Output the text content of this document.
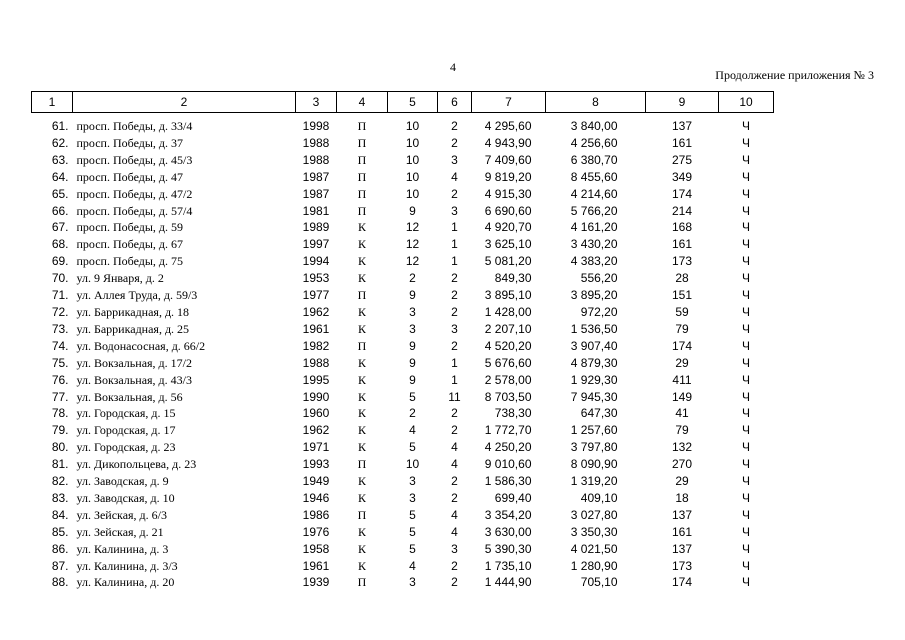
4
Продолжение приложения № 3
1	2	3	4	5	6	7	8	9	10

61.	просп. Победы, д. 33/4	1998	П	10	2	4 295,60	3 840,00	137	Ч
62.	просп. Победы, д. 37	1988	П	10	2	4 943,90	4 256,60	161	Ч
63.	просп. Победы, д. 45/3	1988	П	10	3	7 409,60	6 380,70	275	Ч
64.	просп. Победы, д. 47	1987	П	10	4	9 819,20	8 455,60	349	Ч
65.	просп. Победы, д. 47/2	1987	П	10	2	4 915,30	4 214,60	174	Ч
66.	просп. Победы, д. 57/4	1981	П	9	3	6 690,60	5 766,20	214	Ч
67.	просп. Победы, д. 59	1989	К	12	1	4 920,70	4 161,20	168	Ч
68.	просп. Победы, д. 67	1997	К	12	1	3 625,10	3 430,20	161	Ч
69.	просп. Победы, д. 75	1994	К	12	1	5 081,20	4 383,20	173	Ч
70.	ул. 9 Января, д. 2	1953	К	2	2	849,30	556,20	28	Ч
71.	ул. Аллея Труда, д. 59/3	1977	П	9	2	3 895,10	3 895,20	151	Ч
72.	ул. Баррикадная, д. 18	1962	К	3	2	1 428,00	972,20	59	Ч
73.	ул. Баррикадная, д. 25	1961	К	3	3	2 207,10	1 536,50	79	Ч
74.	ул. Водонасосная, д. 66/2	1982	П	9	2	4 520,20	3 907,40	174	Ч
75.	ул. Вокзальная, д. 17/2	1988	К	9	1	5 676,60	4 879,30	29	Ч
76.	ул. Вокзальная, д. 43/3	1995	К	9	1	2 578,00	1 929,30	411	Ч
77.	ул. Вокзальная, д. 56	1990	К	5	11	8 703,50	7 945,30	149	Ч
78.	ул. Городская, д. 15	1960	К	2	2	738,30	647,30	41	Ч
79.	ул. Городская, д. 17	1962	К	4	2	1 772,70	1 257,60	79	Ч
80.	ул. Городская, д. 23	1971	К	5	4	4 250,20	3 797,80	132	Ч
81.	ул. Дикопольцева, д. 23	1993	П	10	4	9 010,60	8 090,90	270	Ч
82.	ул. Заводская, д. 9	1949	К	3	2	1 586,30	1 319,20	29	Ч
83.	ул. Заводская, д. 10	1946	К	3	2	699,40	409,10	18	Ч
84.	ул. Зейская, д. 6/3	1986	П	5	4	3 354,20	3 027,80	137	Ч
85.	ул. Зейская, д. 21	1976	К	5	4	3 630,00	3 350,30	161	Ч
86.	ул. Калинина, д. 3	1958	К	5	3	5 390,30	4 021,50	137	Ч
87.	ул. Калинина, д. 3/3	1961	К	4	2	1 735,10	1 280,90	173	Ч
88.	ул. Калинина, д. 20	1939	П	3	2	1 444,90	705,10	174	Ч
